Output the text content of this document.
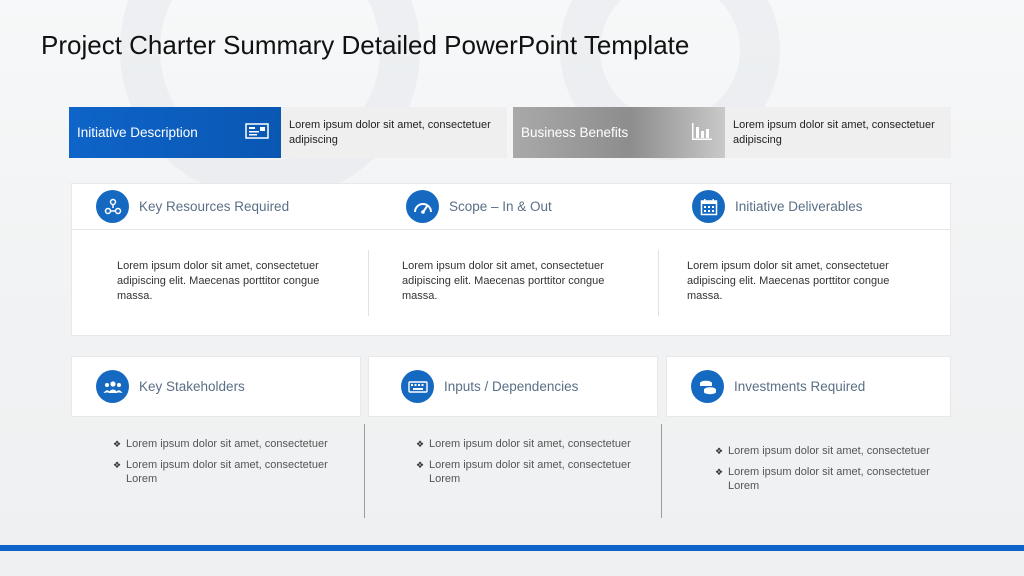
Project Charter Summary Detailed PowerPoint Template
Initiative Description	Lorem ipsum dolor sit amet, consectetuer adipiscing	Business Benefits	Lorem ipsum dolor sit amet, consectetuer adipiscing
Key Resources Required	Scope – In & Out	Initiative Deliverables
Lorem ipsum dolor sit amet, consectetuer adipiscing elit. Maecenas porttitor congue massa.
Lorem ipsum dolor sit amet, consectetuer adipiscing elit. Maecenas porttitor congue massa.
Lorem ipsum dolor sit amet, consectetuer adipiscing elit. Maecenas porttitor congue massa.
Key Stakeholders	Inputs / Dependencies	Investments Required
❖ Lorem ipsum dolor sit amet, consectetuer
❖ Lorem ipsum dolor sit amet, consectetuer Lorem
❖ Lorem ipsum dolor sit amet, consectetuer
❖ Lorem ipsum dolor sit amet, consectetuer Lorem
❖ Lorem ipsum dolor sit amet, consectetuer
❖ Lorem ipsum dolor sit amet, consectetuer Lorem
